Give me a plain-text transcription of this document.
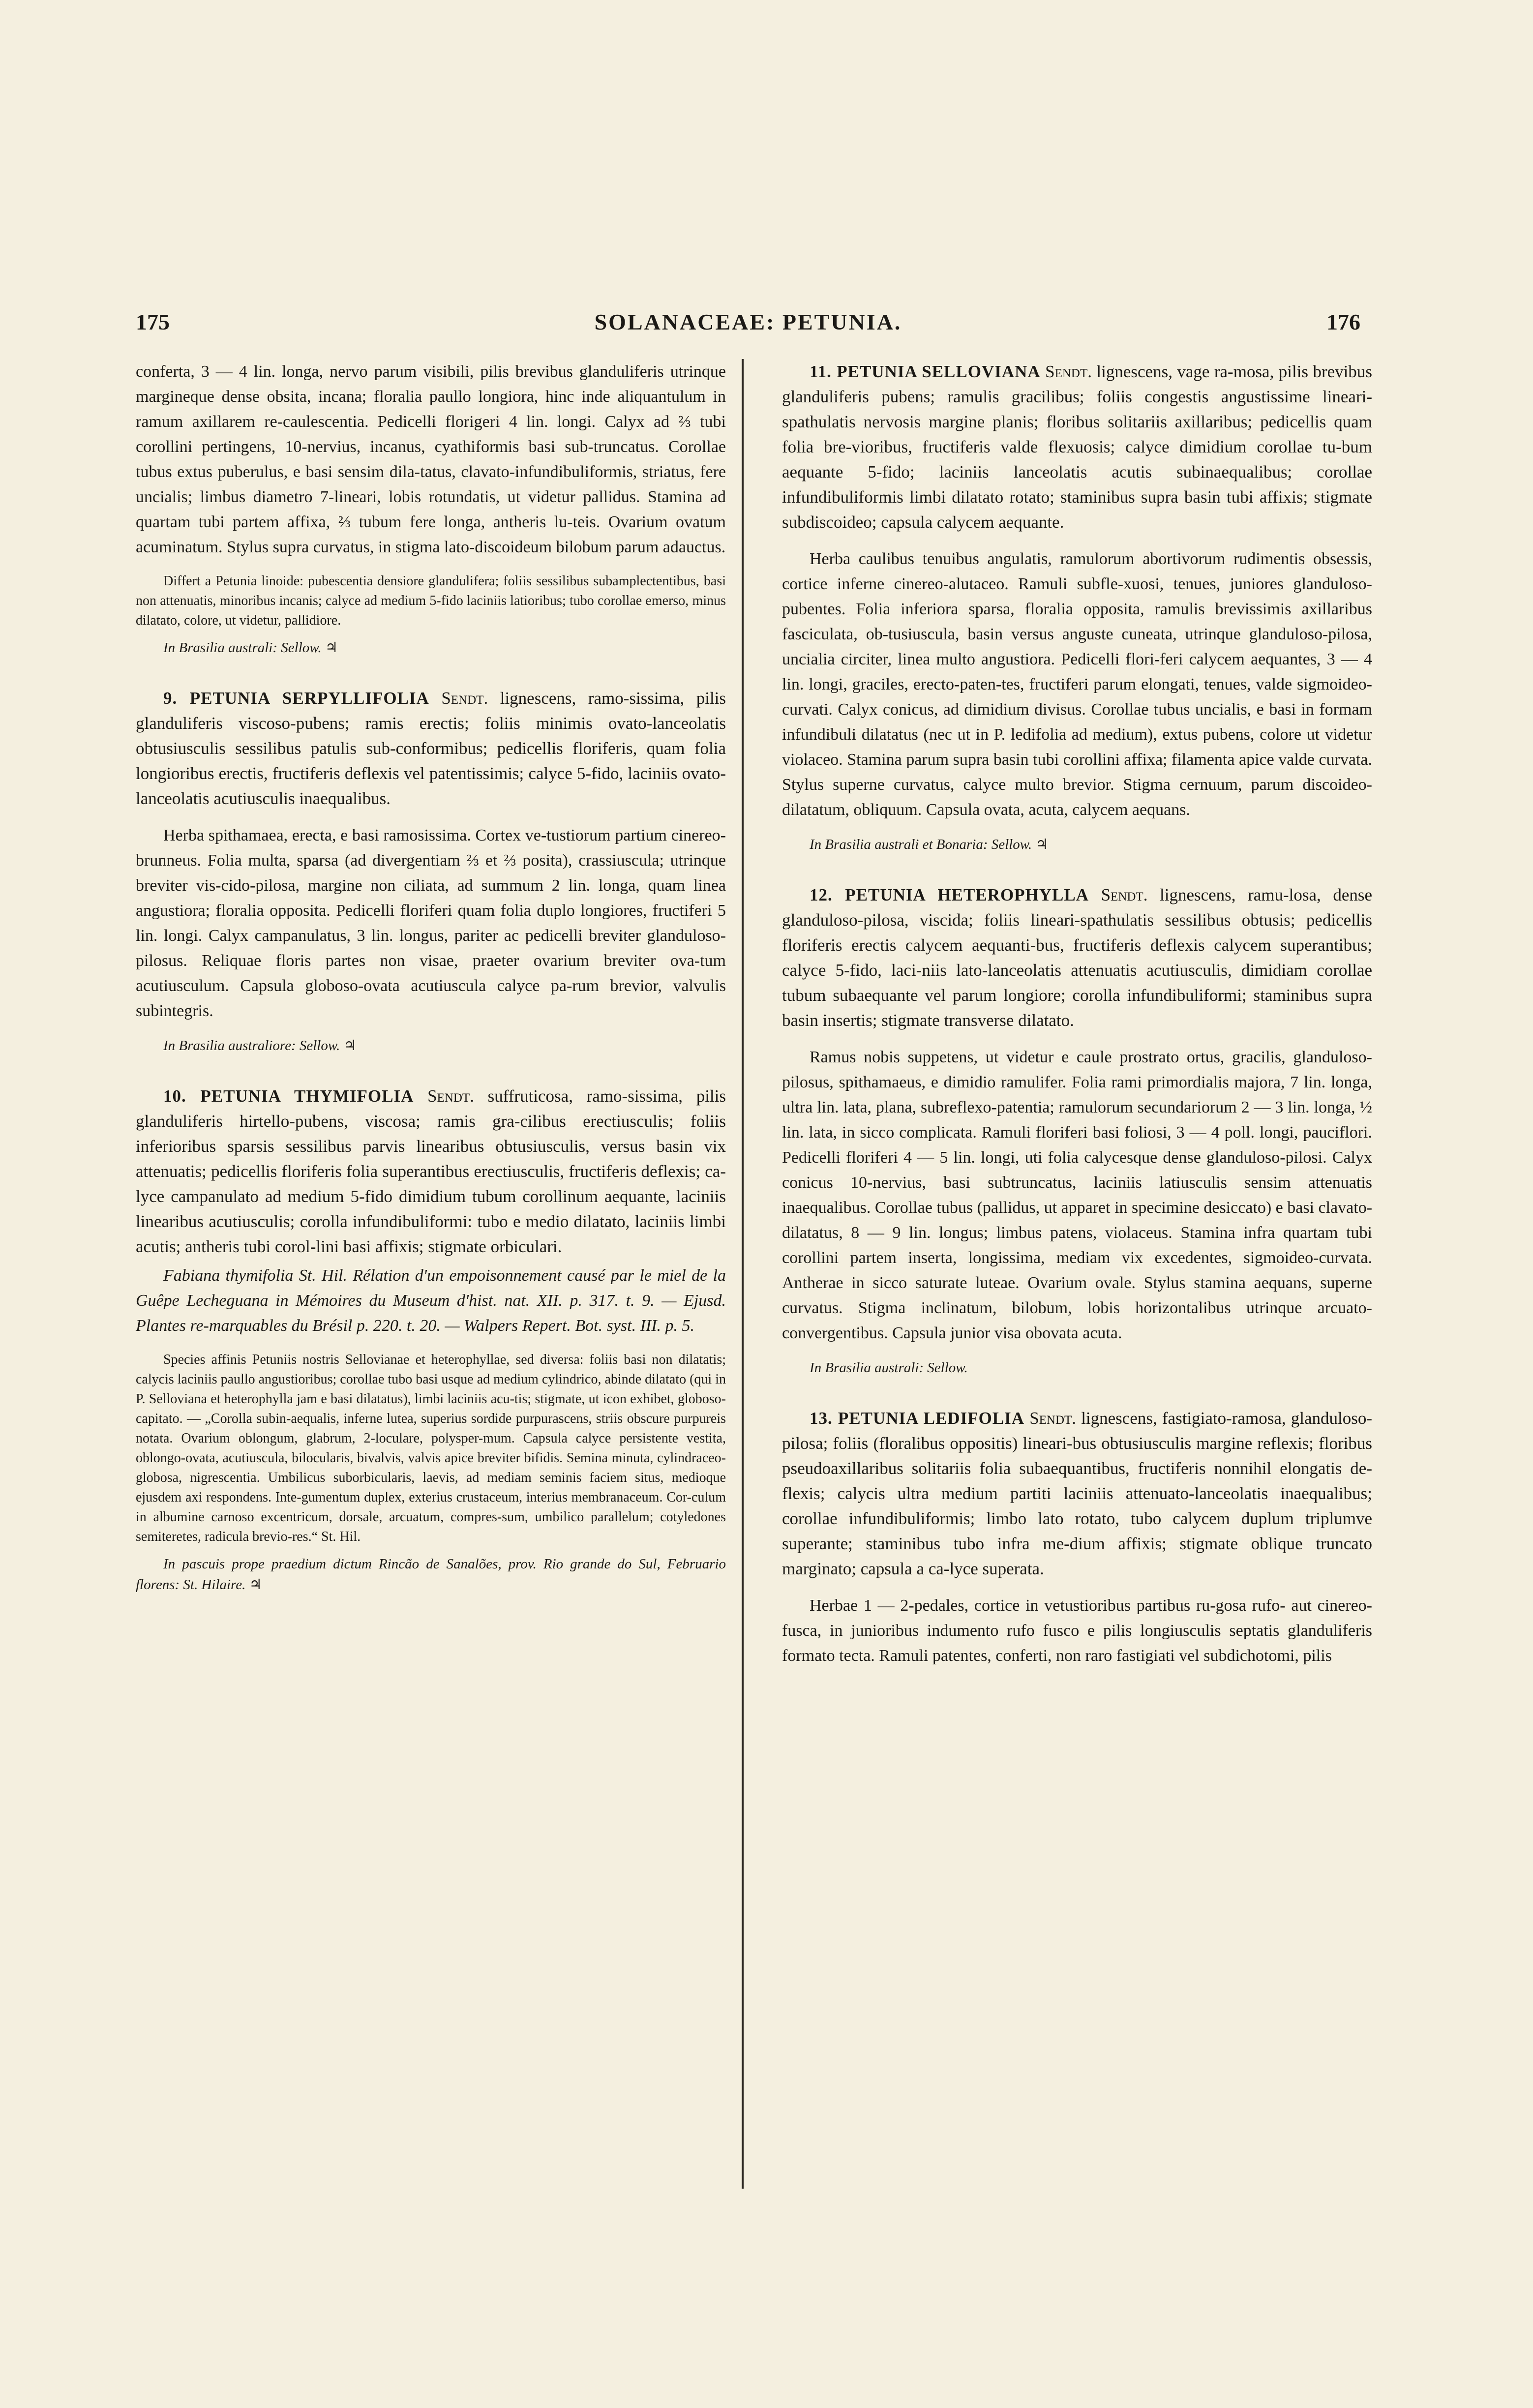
175	SOLANACEAE: PETUNIA.	176

conferta, 3 — 4 lin. longa, nervo parum visibili, pilis brevibus glanduliferis utrinque margineque dense obsita, incana; floralia paullo longiora, hinc inde aliquantulum in ramum axillarem re-caulescentia. Pedicelli florigeri 4 lin. longi. Calyx ad ⅔ tubi corollini pertingens, 10-nervius, incanus, cyathiformis basi sub-truncatus. Corollae tubus extus puberulus, e basi sensim dila-tatus, clavato-infundibuliformis, striatus, fere uncialis; limbus diametro 7-lineari, lobis rotundatis, ut videtur pallidus. Stamina ad quartam tubi partem affixa, ⅔ tubum fere longa, antheris lu-teis. Ovarium ovatum acuminatum. Stylus supra curvatus, in stigma lato-discoideum bilobum parum adauctus.

Differt a Petunia linoide: pubescentia densiore glandulifera; foliis sessilibus subamplectentibus, basi non attenuatis, minoribus incanis; calyce ad medium 5-fido laciniis latioribus; tubo corollae emerso, minus dilatato, colore, ut videtur, pallidiore.

In Brasilia australi: Sellow. ♃

9. PETUNIA SERPYLLIFOLIA Sendt. lignescens, ramo-sissima, pilis glanduliferis viscoso-pubens; ramis erectis; foliis minimis ovato-lanceolatis obtusiusculis sessilibus patulis sub-conformibus; pedicellis floriferis, quam folia longioribus erectis, fructiferis deflexis vel patentissimis; calyce 5-fido, laciniis ovato-lanceolatis acutiusculis inaequalibus.

Herba spithamaea, erecta, e basi ramosissima. Cortex ve-tustiorum partium cinereo-brunneus. Folia multa, sparsa (ad divergentiam ⅔ et ⅔ posita), crassiuscula; utrinque breviter vis-cido-pilosa, margine non ciliata, ad summum 2 lin. longa, quam linea angustiora; floralia opposita. Pedicelli floriferi quam folia duplo longiores, fructiferi 5 lin. longi. Calyx campanulatus, 3 lin. longus, pariter ac pedicelli breviter glanduloso-pilosus. Reliquae floris partes non visae, praeter ovarium breviter ova-tum acutiusculum. Capsula globoso-ovata acutiuscula calyce pa-rum brevior, valvulis subintegris.

In Brasilia australiore: Sellow. ♃

10. PETUNIA THYMIFOLIA Sendt. suffruticosa, ramo-sissima, pilis glanduliferis hirtello-pubens, viscosa; ramis gra-cilibus erectiusculis; foliis inferioribus sparsis sessilibus parvis linearibus obtusiusculis, versus basin vix attenuatis; pedicellis floriferis folia superantibus erectiusculis, fructiferis deflexis; ca-lyce campanulato ad medium 5-fido dimidium tubum corollinum aequante, laciniis linearibus acutiusculis; corolla infundibuliformi: tubo e medio dilatato, laciniis limbi acutis; antheris tubi corol-lini basi affixis; stigmate orbiculari.

Fabiana thymifolia St. Hil. Rélation d'un empoisonnement causé par le miel de la Guêpe Lecheguana in Mémoires du Museum d'hist. nat. XII. p. 317. t. 9. — Ejusd. Plantes re-marquables du Brésil p. 220. t. 20. — Walpers Repert. Bot. syst. III. p. 5.

Species affinis Petuniis nostris Sellovianae et heterophyllae, sed diversa: foliis basi non dilatatis; calycis laciniis paullo angustioribus; corollae tubo basi usque ad medium cylindrico, abinde dilatato (qui in P. Selloviana et heterophylla jam e basi dilatatus), limbi laciniis acu-tis; stigmate, ut icon exhibet, globoso-capitato. — „Corolla subin-aequalis, inferne lutea, superius sordide purpurascens, striis obscure purpureis notata. Ovarium oblongum, glabrum, 2-loculare, polysper-mum. Capsula calyce persistente vestita, oblongo-ovata, acutiuscula, bilocularis, bivalvis, valvis apice breviter bifidis. Semina minuta, cylindraceo-globosa, nigrescentia. Umbilicus suborbicularis, laevis, ad mediam seminis faciem situs, medioque ejusdem axi respondens. Inte-gumentum duplex, exterius crustaceum, interius membranaceum. Cor-culum in albumine carnoso excentricum, dorsale, arcuatum, compres-sum, umbilico parallelum; cotyledones semiteretes, radicula brevio-res.“ St. Hil.

In pascuis prope praedium dictum Rincão de Sanalões, prov. Rio grande do Sul, Februario florens: St. Hilaire. ♃

11. PETUNIA SELLOVIANA Sendt. lignescens, vage ra-mosa, pilis brevibus glanduliferis pubens; ramulis gracilibus; foliis congestis angustissime lineari-spathulatis nervosis margine planis; floribus solitariis axillaribus; pedicellis quam folia bre-vioribus, fructiferis valde flexuosis; calyce dimidium corollae tu-bum aequante 5-fido; laciniis lanceolatis acutis subinaequalibus; corollae infundibuliformis limbi dilatato rotato; staminibus supra basin tubi affixis; stigmate subdiscoideo; capsula calycem aequante.

Herba caulibus tenuibus angulatis, ramulorum abortivorum rudimentis obsessis, cortice inferne cinereo-alutaceo. Ramuli subfle-xuosi, tenues, juniores glanduloso-pubentes. Folia inferiora sparsa, floralia opposita, ramulis brevissimis axillaribus fasciculata, ob-tusiuscula, basin versus anguste cuneata, utrinque glanduloso-pilosa, uncialia circiter, linea multo angustiora. Pedicelli flori-feri calycem aequantes, 3 — 4 lin. longi, graciles, erecto-paten-tes, fructiferi parum elongati, tenues, valde sigmoideo-curvati. Calyx conicus, ad dimidium divisus. Corollae tubus uncialis, e basi in formam infundibuli dilatatus (nec ut in P. ledifolia ad medium), extus pubens, colore ut videtur violaceo. Stamina parum supra basin tubi corollini affixa; filamenta apice valde curvata. Stylus superne curvatus, calyce multo brevior. Stigma cernuum, parum discoideo-dilatatum, obliquum. Capsula ovata, acuta, calycem aequans.

In Brasilia australi et Bonaria: Sellow. ♃

12. PETUNIA HETEROPHYLLA Sendt. lignescens, ramu-losa, dense glanduloso-pilosa, viscida; foliis lineari-spathulatis sessilibus obtusis; pedicellis floriferis erectis calycem aequanti-bus, fructiferis deflexis calycem superantibus; calyce 5-fido, laci-niis lato-lanceolatis attenuatis acutiusculis, dimidiam corollae tubum subaequante vel parum longiore; corolla infundibuliformi; staminibus supra basin insertis; stigmate transverse dilatato.

Ramus nobis suppetens, ut videtur e caule prostrato ortus, gracilis, glanduloso-pilosus, spithamaeus, e dimidio ramulifer. Folia rami primordialis majora, 7 lin. longa, ultra lin. lata, plana, subreflexo-patentia; ramulorum secundariorum 2 — 3 lin. longa, ½ lin. lata, in sicco complicata. Ramuli floriferi basi foliosi, 3 — 4 poll. longi, pauciflori. Pedicelli floriferi 4 — 5 lin. longi, uti folia calycesque dense glanduloso-pilosi. Calyx conicus 10-nervius, basi subtruncatus, laciniis latiusculis sensim attenuatis inaequalibus. Corollae tubus (pallidus, ut apparet in specimine desiccato) e basi clavato-dilatatus, 8 — 9 lin. longus; limbus patens, violaceus. Stamina infra quartam tubi corollini partem inserta, longissima, mediam vix excedentes, sigmoideo-curvata. Antherae in sicco saturate luteae. Ovarium ovale. Stylus stamina aequans, superne curvatus. Stigma inclinatum, bilobum, lobis horizontalibus utrinque arcuato-convergentibus. Capsula junior visa obovata acuta.

In Brasilia australi: Sellow.

13. PETUNIA LEDIFOLIA Sendt. lignescens, fastigiato-ramosa, glanduloso-pilosa; foliis (floralibus oppositis) lineari-bus obtusiusculis margine reflexis; floribus pseudoaxillaribus solitariis folia subaequantibus, fructiferis nonnihil elongatis de-flexis; calycis ultra medium partiti laciniis attenuato-lanceolatis inaequalibus; corollae infundibuliformis; limbo lato rotato, tubo calycem duplum triplumve superante; staminibus tubo infra me-dium affixis; stigmate oblique truncato marginato; capsula a ca-lyce superata.

Herbae 1 — 2-pedales, cortice in vetustioribus partibus ru-gosa rufo- aut cinereo-fusca, in junioribus indumento rufo fusco e pilis longiusculis septatis glanduliferis formato tecta. Ramuli patentes, conferti, non raro fastigiati vel subdichotomi, pilis
